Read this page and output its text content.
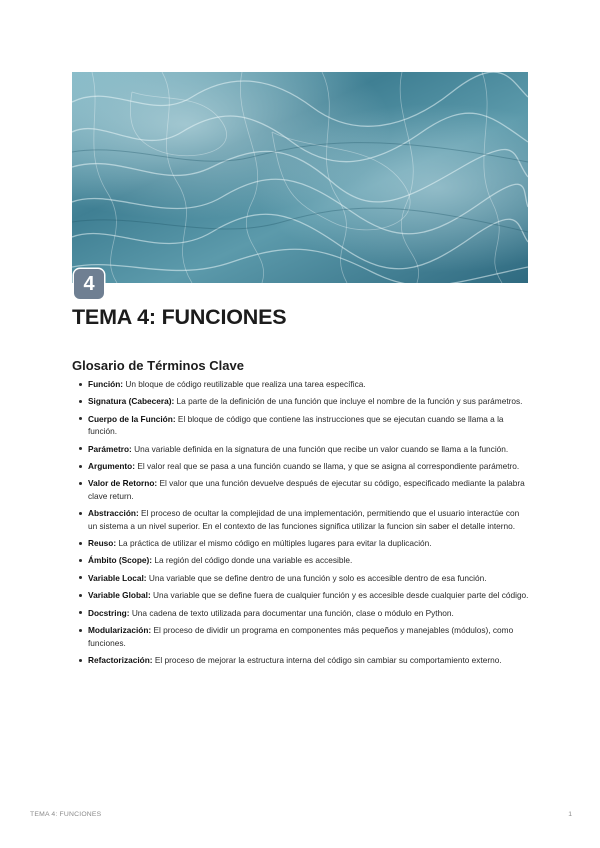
4
TEMA 4: FUNCIONES
Glosario de Términos Clave
Función: Un bloque de código reutilizable que realiza una tarea específica.
Signatura (Cabecera): La parte de la definición de una función que incluye el nombre de la función y sus parámetros.
Cuerpo de la Función: El bloque de código que contiene las instrucciones que se ejecutan cuando se llama a la función.
Parámetro: Una variable definida en la signatura de una función que recibe un valor cuando se llama a la función.
Argumento: El valor real que se pasa a una función cuando se llama, y que se asigna al correspondiente parámetro.
Valor de Retorno: El valor que una función devuelve después de ejecutar su código, especificado mediante la palabra clave return.
Abstracción: El proceso de ocultar la complejidad de una implementación, permitiendo que el usuario interactúe con un sistema a un nivel superior. En el contexto de las funciones significa utilizar la funcion sin saber el detalle interno.
Reuso: La práctica de utilizar el mismo código en múltiples lugares para evitar la duplicación.
Ámbito (Scope): La región del código donde una variable es accesible.
Variable Local: Una variable que se define dentro de una función y solo es accesible dentro de esa función.
Variable Global: Una variable que se define fuera de cualquier función y es accesible desde cualquier parte del código.
Docstring: Una cadena de texto utilizada para documentar una función, clase o módulo en Python.
Modularización: El proceso de dividir un programa en componentes más pequeños y manejables (módulos), como funciones.
Refactorización: El proceso de mejorar la estructura interna del código sin cambiar su comportamiento externo.
TEMA 4: FUNCIONES	1
